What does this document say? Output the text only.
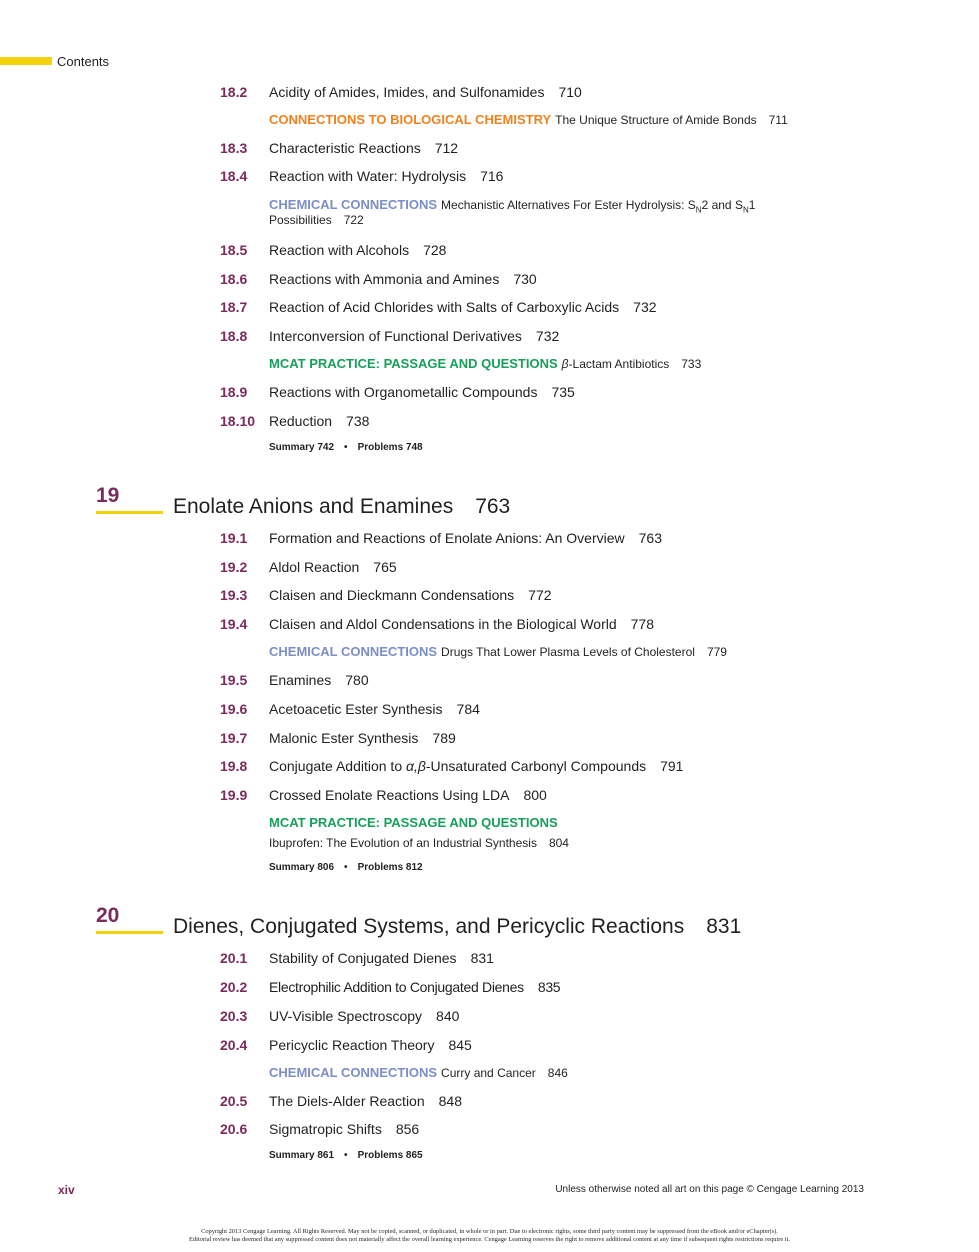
Contents
18.2 Acidity of Amides, Imides, and Sulfonamides 710
CONNECTIONS TO BIOLOGICAL CHEMISTRY The Unique Structure of Amide Bonds 711
18.3 Characteristic Reactions 712
18.4 Reaction with Water: Hydrolysis 716
CHEMICAL CONNECTIONS Mechanistic Alternatives For Ester Hydrolysis: $S_N2$ and $S_N1$
Possibilities 722
18.5 Reaction with Alcohols 728
18.6 Reactions with Ammonia and Amines 730
18.7 Reaction of Acid Chlorides with Salts of Carboxylic Acids 732
18.8 Interconversion of Functional Derivatives 732
MCAT PRACTICE: PASSAGE AND QUESTIONS β-Lactam Antibiotics 733
18.9 Reactions with Organometallic Compounds 735
18.10 Reduction 738
Summary 742 • Problems 748
19	Enolate Anions and Enamines 763
19.1 Formation and Reactions of Enolate Anions: An Overview 763
19.2 Aldol Reaction 765
19.3 Claisen and Dieckmann Condensations 772
19.4 Claisen and Aldol Condensations in the Biological World 778
CHEMICAL CONNECTIONS Drugs That Lower Plasma Levels of Cholesterol 779
19.5 Enamines 780
19.6 Acetoacetic Ester Synthesis 784
19.7 Malonic Ester Synthesis 789
19.8 Conjugate Addition to α,β-Unsaturated Carbonyl Compounds 791
19.9 Crossed Enolate Reactions Using LDA 800
MCAT PRACTICE: PASSAGE AND QUESTIONS
Ibuprofen: The Evolution of an Industrial Synthesis 804
Summary 806 • Problems 812
20	Dienes, Conjugated Systems, and Pericyclic Reactions 831
20.1 Stability of Conjugated Dienes 831
20.2 Electrophilic Addition to Conjugated Dienes 835
20.3 UV-Visible Spectroscopy 840
20.4 Pericyclic Reaction Theory 845
CHEMICAL CONNECTIONS Curry and Cancer 846
20.5 The Diels-Alder Reaction 848
20.6 Sigmatropic Shifts 856
Summary 861 • Problems 865
xiv	Unless otherwise noted all art on this page © Cengage Learning 2013
Copyright 2013 Cengage Learning. All Rights Reserved. May not be copied, scanned, or duplicated, in whole or in part. Due to electronic rights, some third party content may be suppressed from the eBook and/or eChapter(s).
Editorial review has deemed that any suppressed content does not materially affect the overall learning experience. Cengage Learning reserves the right to remove additional content at any time if subsequent rights restrictions require it.
